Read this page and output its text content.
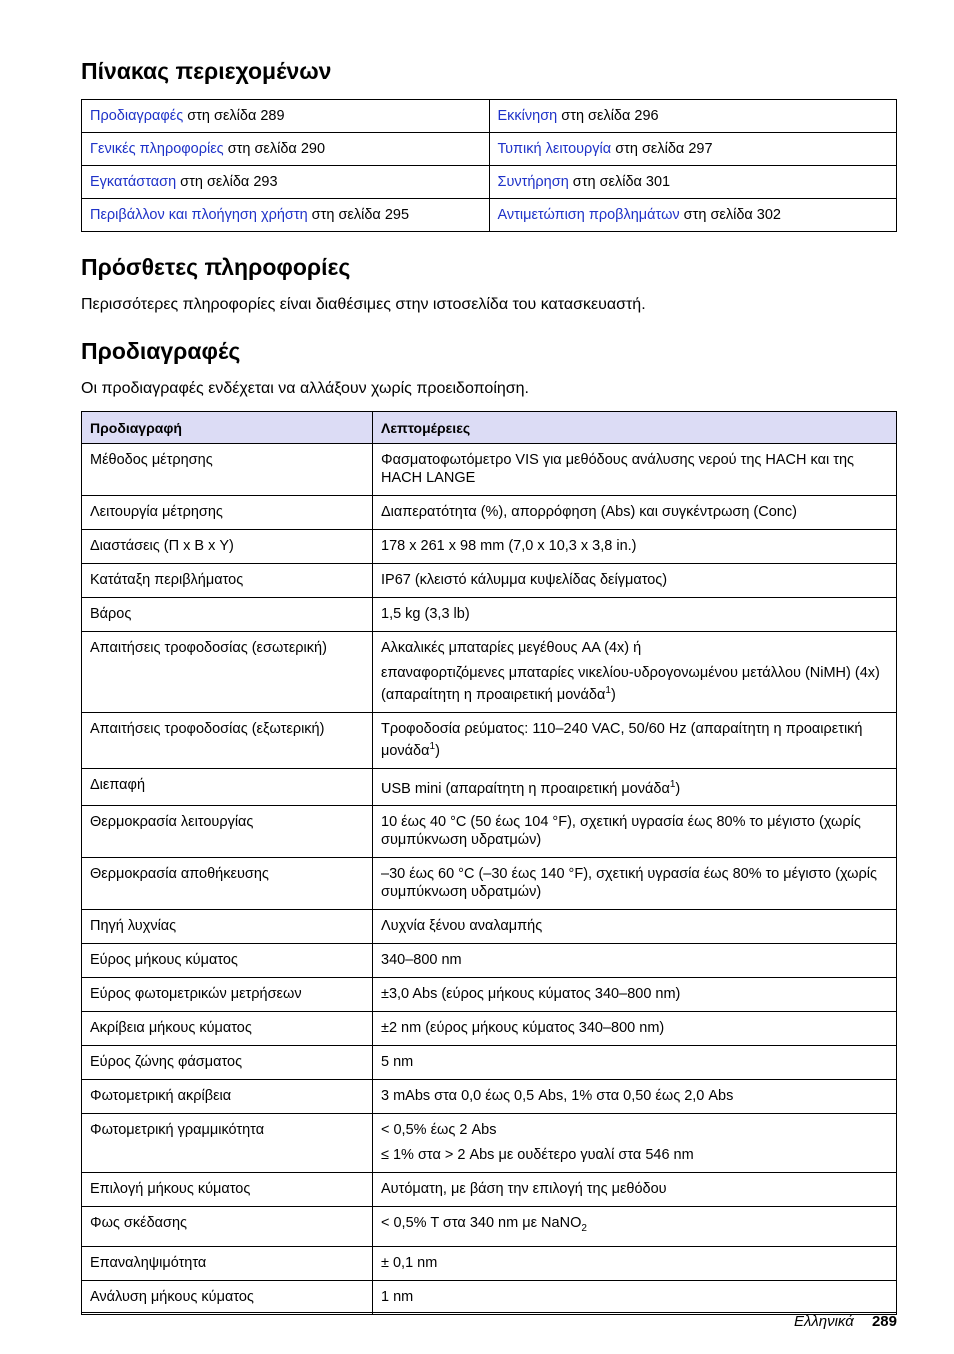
Πίνακας περιεχομένων
Προδιαγραφές στη σελίδα 289	Εκκίνηση στη σελίδα 296
Γενικές πληροφορίες στη σελίδα 290	Τυπική λειτουργία στη σελίδα 297
Εγκατάσταση στη σελίδα 293	Συντήρηση στη σελίδα 301
Περιβάλλον και πλοήγηση χρήστη στη σελίδα 295	Αντιμετώπιση προβλημάτων στη σελίδα 302
Πρόσθετες πληροφορίες

Περισσότερες πληροφορίες είναι διαθέσιμες στην ιστοσελίδα του κατασκευαστή.

Προδιαγραφές

Οι προδιαγραφές ενδέχεται να αλλάξουν χωρίς προειδοποίηση.

Προδιαγραφή	Λεπτομέρειες
Μέθοδος μέτρησης	Φασματοφωτόμετρο VIS για μεθόδους ανάλυσης νερού της HACH και της HACH LANGE

Λειτουργία μέτρησης	Διαπερατότητα (%), απορρόφηση (Abs) και συγκέντρωση (Conc)

Διαστάσεις (Π x Β x Υ)	178 x 261 x 98 mm (7,0 x 10,3 x 3,8 in.)

Κατάταξη περιβλήματος	IP67 (κλειστό κάλυμμα κυψελίδας δείγματος)

Βάρος	1,5 kg (3,3 lb)

Απαιτήσεις τροφοδοσίας (εσωτερική)	Αλκαλικές μπαταρίες μεγέθους AA (4x) ή

επαναφορτιζόμενες μπαταρίες νικελίου-υδρογονωμένου μετάλλου (NiMH) (4x) (απαραίτητη η προαιρετική μονάδα$^1$)

Απαιτήσεις τροφοδοσίας (εξωτερική)	Τροφοδοσία ρεύματος: 110–240 VAC, 50/60 Hz (απαραίτητη η προαιρετική μονάδα$^1$)

Διεπαφή	USB mini (απαραίτητη η προαιρετική μονάδα$^1$)

Θερμοκρασία λειτουργίας	10 έως 40 °C (50 έως 104 °F), σχετική υγρασία έως 80% το μέγιστο (χωρίς συμπύκνωση υδρατμών)

Θερμοκρασία αποθήκευσης	–30 έως 60 °C (–30 έως 140 °F), σχετική υγρασία έως 80% το μέγιστο (χωρίς συμπύκνωση υδρατμών)

Πηγή λυχνίας	Λυχνία ξένου αναλαμπής

Εύρος μήκους κύματος	340–800 nm

Εύρος φωτομετρικών μετρήσεων	±3,0 Abs (εύρος μήκους κύματος 340–800 nm)

Ακρίβεια μήκους κύματος	±2 nm (εύρος μήκους κύματος 340–800 nm)

Εύρος ζώνης φάσματος	5 nm

Φωτομετρική ακρίβεια	3 mAbs στα 0,0 έως 0,5 Abs, 1% στα 0,50 έως 2,0 Abs

Φωτομετρική γραμμικότητα	< 0,5% έως 2 Abs

≤ 1% στα > 2 Abs με ουδέτερο γυαλί στα 546 nm

Επιλογή μήκους κύματος	Αυτόματη, με βάση την επιλογή της μεθόδου

Φως σκέδασης	< 0,5% T στα 340 nm με NaNO$_2$

Επαναληψιμότητα	± 0,1 nm

Ανάλυση μήκους κύματος	1 nm

Ελληνικά 289
